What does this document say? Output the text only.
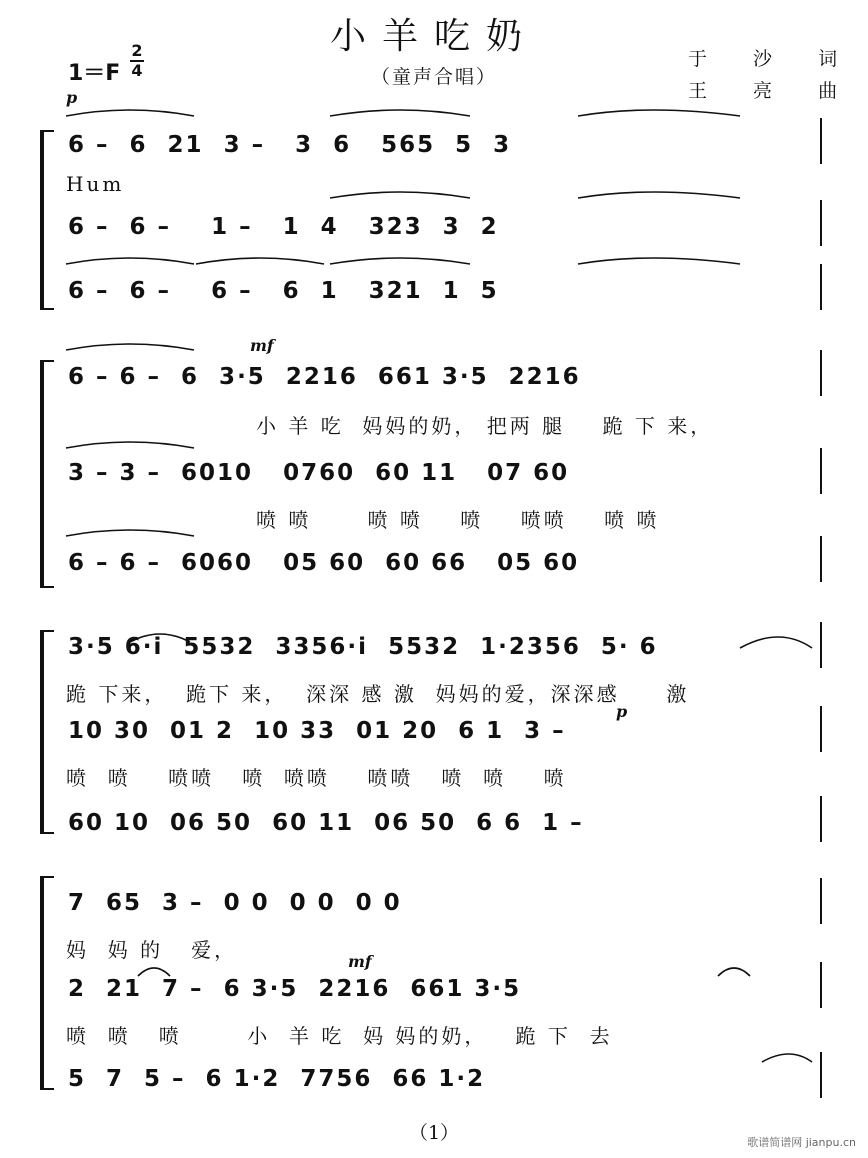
小羊吃奶
（童声合唱）
于 沙 词
王 亮 曲
1＝F
2
4
p
mf
p
mf
6 –  6  21  3 –   3  6   565  5  3
Hum
6 –  6 –    1 –   1  4   323  3  2
6 –  6 –    6 –   6  1   321  1  5
6 – 6 –  6  3·5  2216  661 3·5  2216
小 羊 吃  妈妈的奶， 把两 腿    跪 下 来，
3 – 3 –  6010   0760  60 11   07 60
喷 喷      喷 喷    喷    喷喷    喷 喷
6 – 6 –  6060   05 60  60 66   05 60
3·5 6·i  5532  3356·i  5532  1·2356  5· 6
跪 下来，  跪下 来，  深深 感 激  妈妈的爱，深深感     激
10 30  01 2  10 33  01 20  6 1  3 –
喷  喷    喷喷   喷  喷喷    喷喷   喷  喷    喷
60 10  06 50  60 11  06 50  6 6  1 –
7  65  3 –  0 0  0 0  0 0
妈  妈 的   爱，
2  21  7 –  6 3·5  2216  661 3·5
喷  喷   喷       小  羊 吃  妈 妈的奶，   跪 下  去
5  7  5 –  6 1·2  7756  66 1·2
（1）	歌谱简谱网 jianpu.cn
